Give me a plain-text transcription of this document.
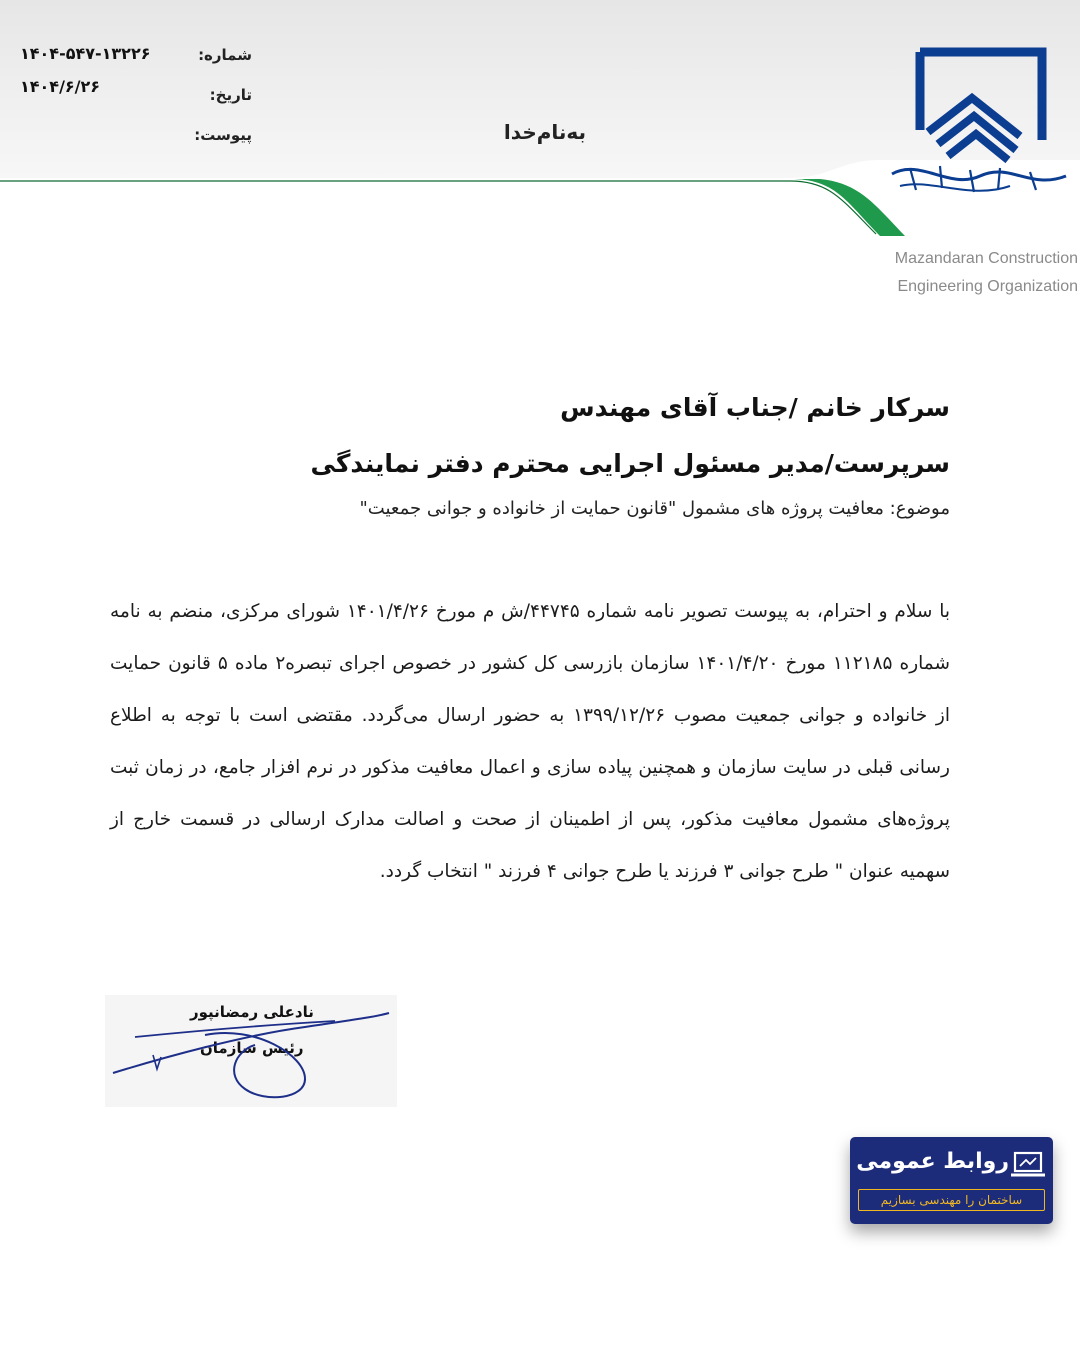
شماره:
۱۴۰۴-۵۴۷-۱۳۲۲۶
تاریخ:
۱۴۰۴/۶/۲۶
پیوست:	به‌نام‌خدا
Mazandaran Construction
Engineering Organization
سرکار خانم /جناب آقای مهندس
سرپرست/مدیر مسئول اجرایی محترم دفتر نمایندگی
موضوع: معافیت پروژه های مشمول "قانون حمایت از خانواده و جوانی جمعیت"
با سلام و احترام، به پیوست تصویر نامه شماره ۴۴۷۴۵/ش م مورخ ۱۴۰۱/۴/۲۶ شورای مرکزی، منضم به نامه شماره ۱۱۲۱۸۵ مورخ ۱۴۰۱/۴/۲۰ سازمان بازرسی کل کشور در خصوص اجرای تبصره۲ ماده ۵ قانون حمایت از خانواده و جوانی جمعیت مصوب ۱۳۹۹/۱۲/۲۶ به حضور ارسال می‌گردد. مقتضی است با توجه به اطلاع رسانی قبلی در سایت سازمان و همچنین پیاده سازی و اعمال معافیت مذکور در نرم افزار جامع، در زمان ثبت پروژه‌های مشمول معافیت مذکور، پس از اطمینان از صحت و اصالت مدارک ارسالی در قسمت خارج از سهمیه عنوان " طرح جوانی ۳ فرزند یا طرح جوانی ۴ فرزند " انتخاب گردد.
نادعلی رمضانپور
رئیس سازمان
روابط عمومی
ساختمان را مهندسی بسازیم
